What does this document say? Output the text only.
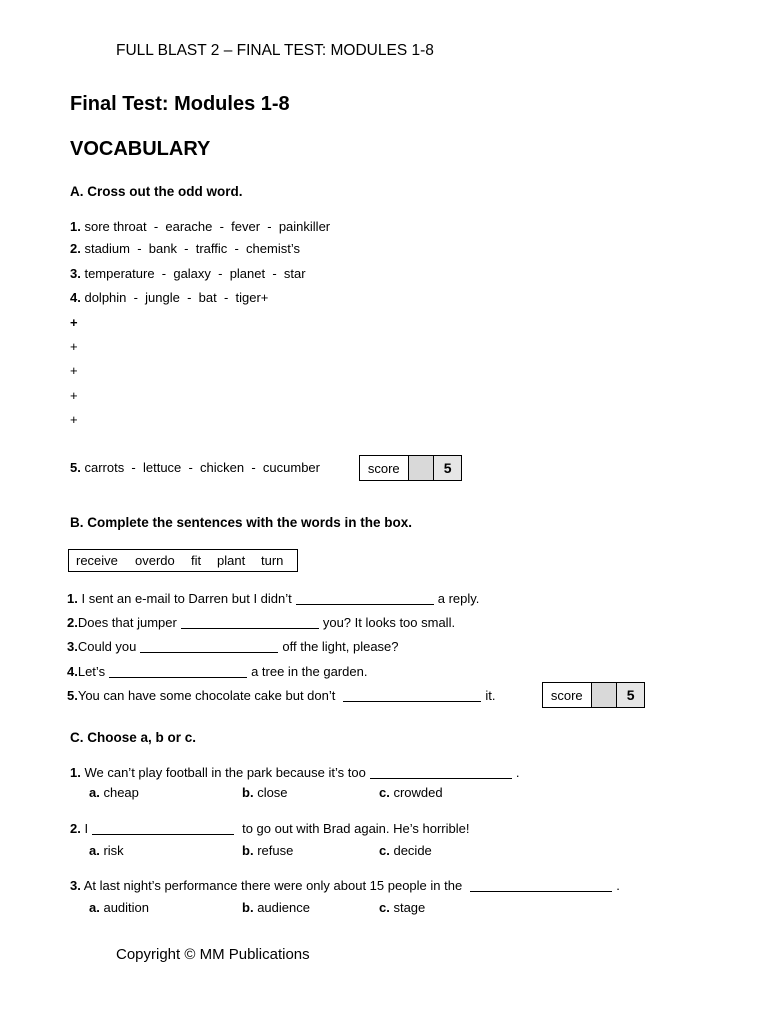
FULL BLAST 2 – FINAL TEST: MODULES 1-8
Final Test: Modules 1-8
VOCABULARY
A. Cross out the odd word.
1. sore throat  -  earache  -  fever  -  painkiller
2. stadium  -  bank  -  traffic  -  chemist’s
3. temperature  -  galaxy  -  planet  -  star
4. dolphin  -  jungle  -  bat  -  tiger+
+
+
+
+
+
5. carrots  -  lettuce  -  chicken  -  cucumber	score	5
B. Complete the sentences with the words in the box.
receive overdo fit plant turn
1. I sent an e-mail to Darren but I didn’t	a reply.
2.Does that jumper	you? It looks too small.
3.Could you	off the light, please?
4.Let’s	a tree in the garden.
5.You can have some chocolate cake but don’t	it.	score	5
C. Choose a, b or c.
1. We can’t play football in the park because it’s too	.
a. cheap	b. close	c. crowded
2. I	to go out with Brad again. He’s horrible!
a. risk	b. refuse	c. decide
3. At last night’s performance there were only about 15 people in the	.
a. audition	b. audience	c. stage
Copyright © MM Publications
